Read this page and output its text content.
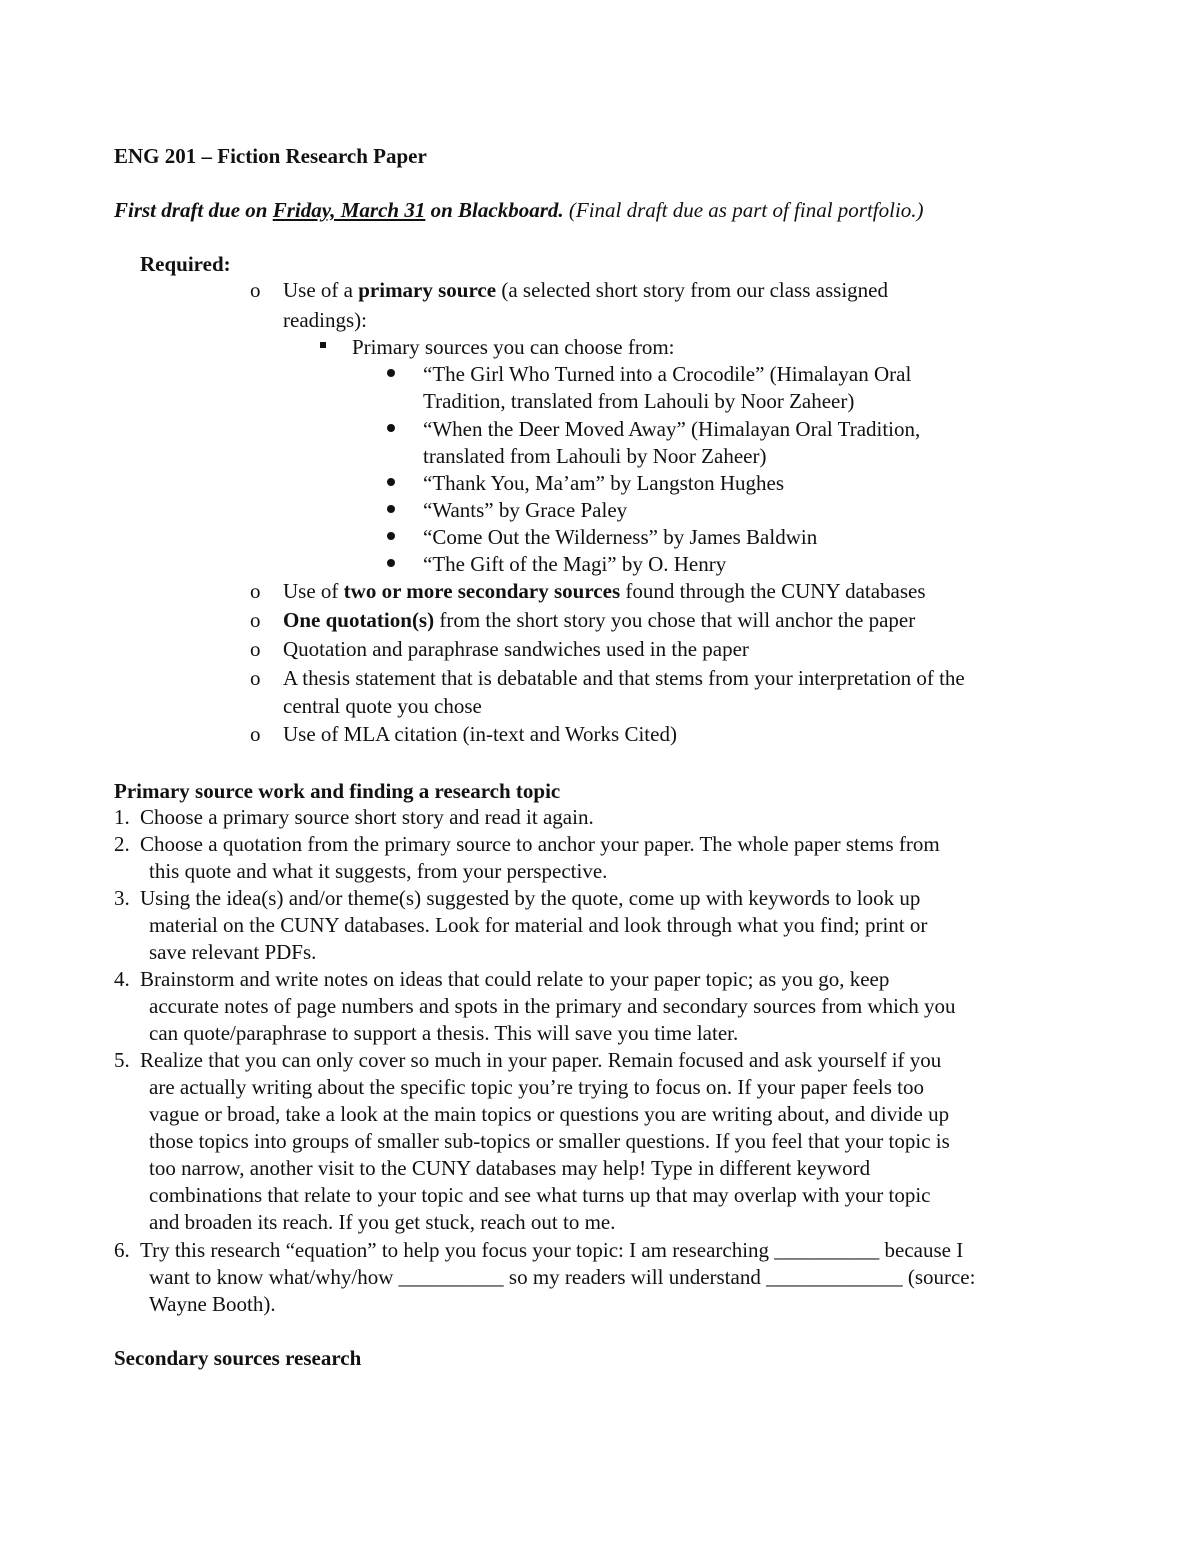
ENG 201 – Fiction Research Paper
First draft due on Friday, March 31 on Blackboard. (Final draft due as part of final portfolio.)
Required:
o Use of a primary source (a selected short story from our class assigned
readings):
Primary sources you can choose from:
“The Girl Who Turned into a Crocodile” (Himalayan Oral
Tradition, translated from Lahouli by Noor Zaheer)
“When the Deer Moved Away” (Himalayan Oral Tradition,
translated from Lahouli by Noor Zaheer)
“Thank You, Ma’am” by Langston Hughes
“Wants” by Grace Paley
“Come Out the Wilderness” by James Baldwin
“The Gift of the Magi” by O. Henry
o Use of two or more secondary sources found through the CUNY databases
o One quotation(s) from the short story you chose that will anchor the paper
o Quotation and paraphrase sandwiches used in the paper
o A thesis statement that is debatable and that stems from your interpretation of the
central quote you chose
o Use of MLA citation (in-text and Works Cited)
Primary source work and finding a research topic
1. Choose a primary source short story and read it again.
2. Choose a quotation from the primary source to anchor your paper. The whole paper stems from
this quote and what it suggests, from your perspective.
3. Using the idea(s) and/or theme(s) suggested by the quote, come up with keywords to look up
material on the CUNY databases. Look for material and look through what you find; print or
save relevant PDFs.
4. Brainstorm and write notes on ideas that could relate to your paper topic; as you go, keep
accurate notes of page numbers and spots in the primary and secondary sources from which you
can quote/paraphrase to support a thesis. This will save you time later.
5. Realize that you can only cover so much in your paper. Remain focused and ask yourself if you
are actually writing about the specific topic you’re trying to focus on. If your paper feels too
vague or broad, take a look at the main topics or questions you are writing about, and divide up
those topics into groups of smaller sub-topics or smaller questions. If you feel that your topic is
too narrow, another visit to the CUNY databases may help! Type in different keyword
combinations that relate to your topic and see what turns up that may overlap with your topic
and broaden its reach. If you get stuck, reach out to me.
6. Try this research “equation” to help you focus your topic: I am researching __________ because I
want to know what/why/how __________ so my readers will understand _____________ (source:
Wayne Booth).
Secondary sources research
